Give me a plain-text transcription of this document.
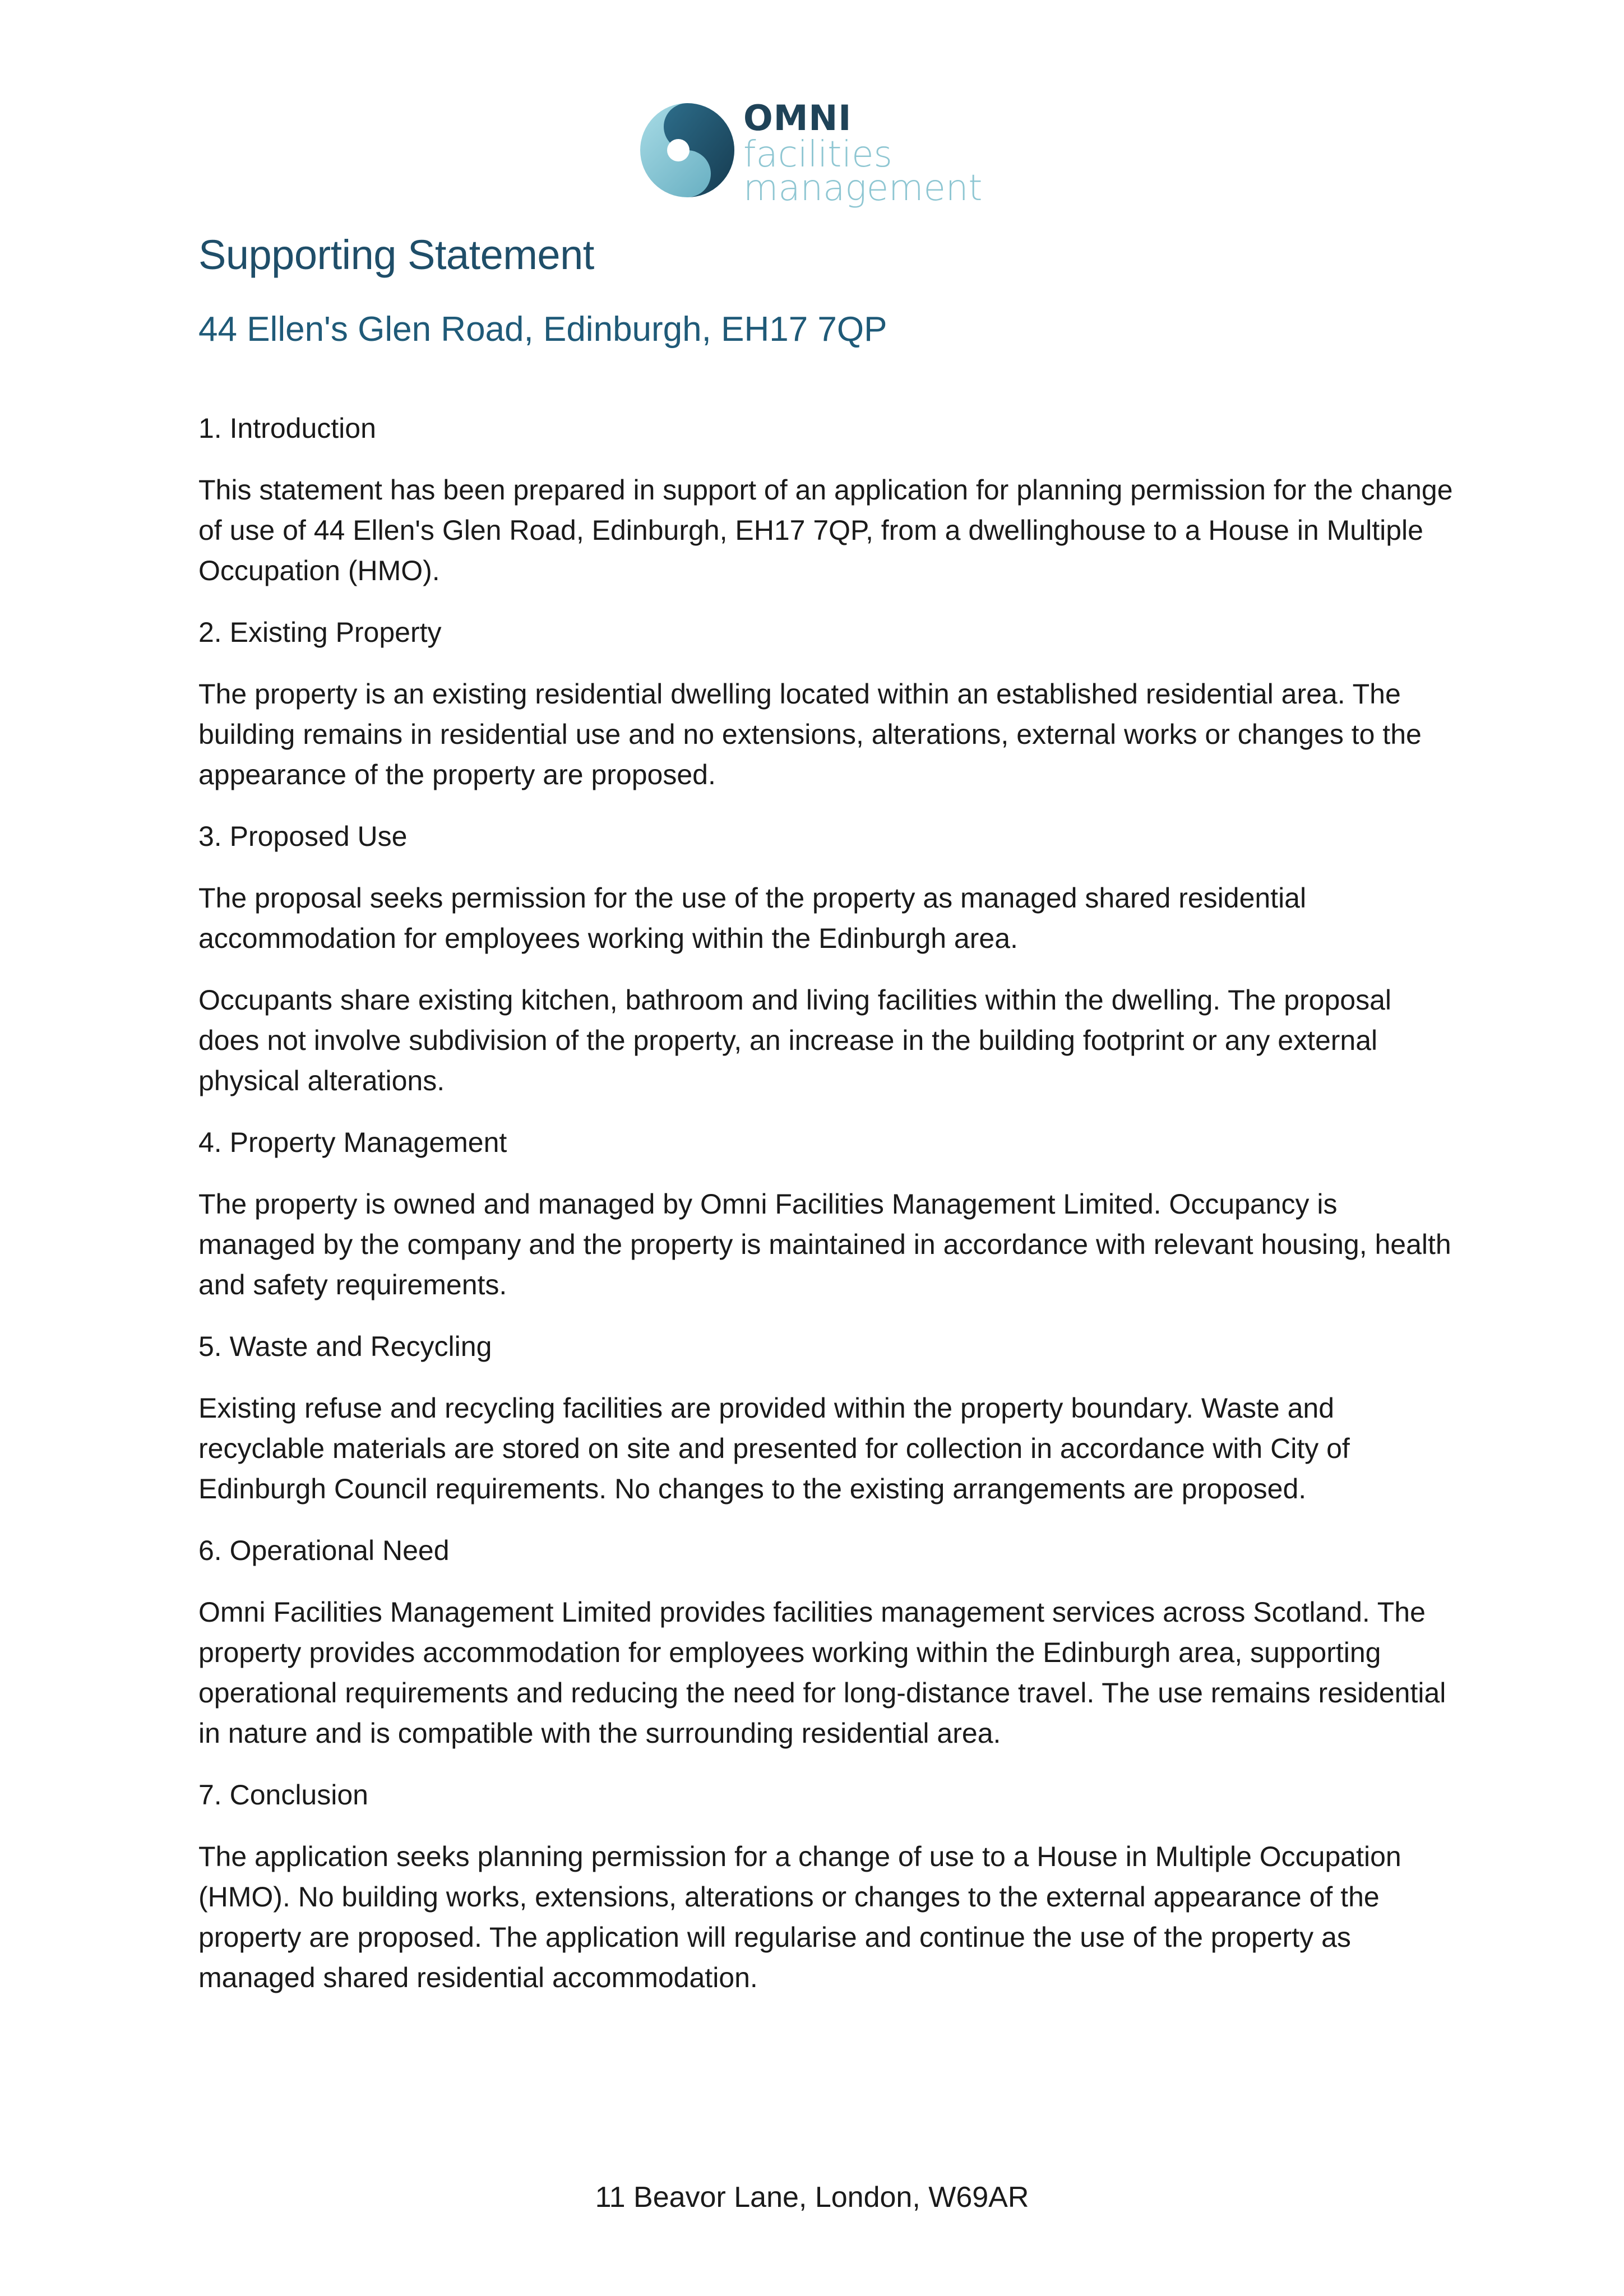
OMNI
facilities
management
Supporting Statement
44 Ellen's Glen Road, Edinburgh, EH17 7QP

1. Introduction

This statement has been prepared in support of an application for planning permission for the change of use of 44 Ellen's Glen Road, Edinburgh, EH17 7QP, from a dwellinghouse to a House in Multiple Occupation (HMO).

2. Existing Property

The property is an existing residential dwelling located within an established residential area. The building remains in residential use and no extensions, alterations, external works or changes to the appearance of the property are proposed.

3. Proposed Use

The proposal seeks permission for the use of the property as managed shared residential accommodation for employees working within the Edinburgh area.

Occupants share existing kitchen, bathroom and living facilities within the dwelling. The proposal does not involve subdivision of the property, an increase in the building footprint or any external physical alterations.

4. Property Management

The property is owned and managed by Omni Facilities Management Limited. Occupancy is managed by the company and the property is maintained in accordance with relevant housing, health and safety requirements.

5. Waste and Recycling

Existing refuse and recycling facilities are provided within the property boundary. Waste and recyclable materials are stored on site and presented for collection in accordance with City of Edinburgh Council requirements. No changes to the existing arrangements are proposed.

6. Operational Need

Omni Facilities Management Limited provides facilities management services across Scotland. The property provides accommodation for employees working within the Edinburgh area, supporting operational requirements and reducing the need for long-distance travel. The use remains residential in nature and is compatible with the surrounding residential area.

7. Conclusion

The application seeks planning permission for a change of use to a House in Multiple Occupation (HMO). No building works, extensions, alterations or changes to the external appearance of the property are proposed. The application will regularise and continue the use of the property as managed shared residential accommodation.

11 Beavor Lane, London, W69AR
